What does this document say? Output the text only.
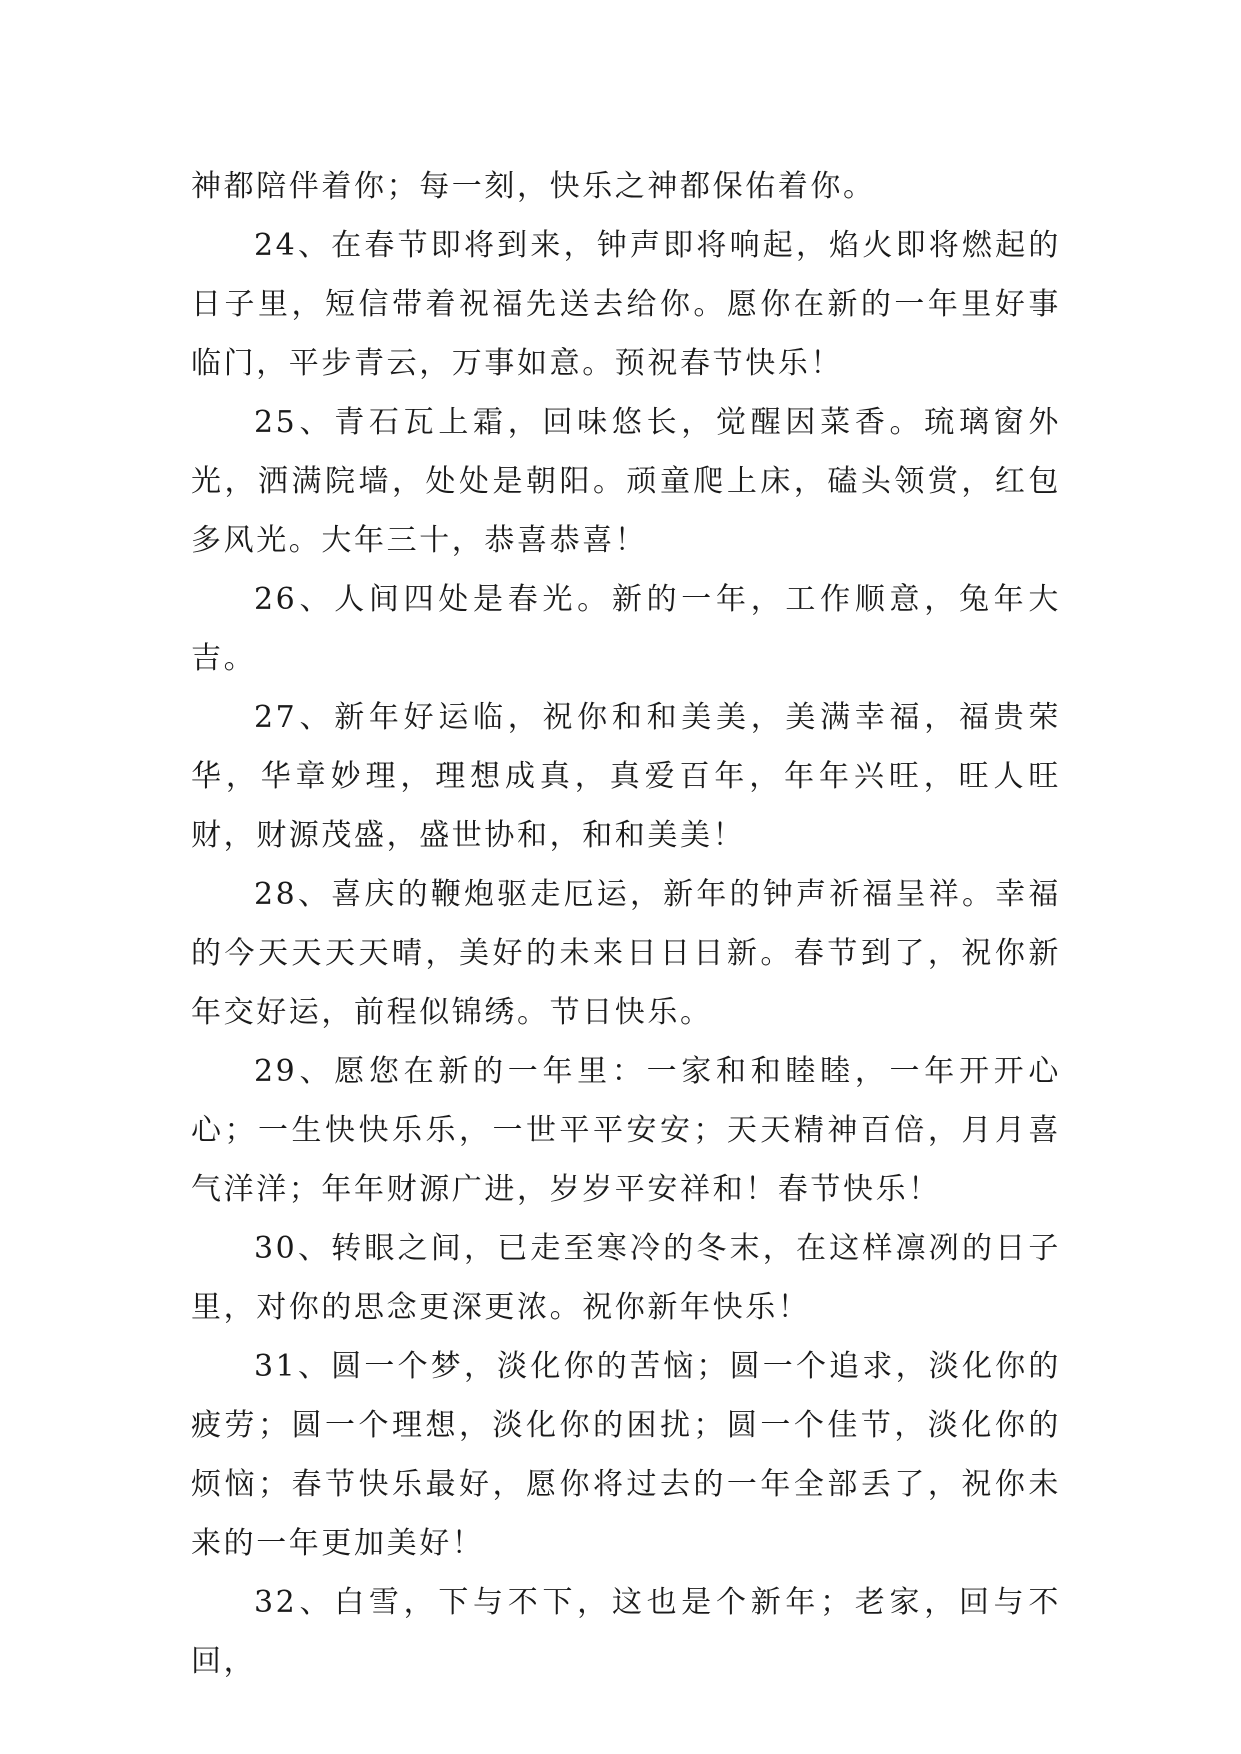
神都陪伴着你；每一刻，快乐之神都保佑着你。

24、在春节即将到来，钟声即将响起，焰火即将燃起的日子里，短信带着祝福先送去给你。愿你在新的一年里好事临门，平步青云，万事如意。预祝春节快乐！

25、青石瓦上霜，回味悠长，觉醒因菜香。琉璃窗外光，洒满院墙，处处是朝阳。顽童爬上床，磕头领赏，红包多风光。大年三十，恭喜恭喜！

26、人间四处是春光。新的一年，工作顺意，兔年大吉。

27、新年好运临，祝你和和美美，美满幸福，福贵荣华，华章妙理，理想成真，真爱百年，年年兴旺，旺人旺财，财源茂盛，盛世协和，和和美美！

28、喜庆的鞭炮驱走厄运，新年的钟声祈福呈祥。幸福的今天天天天晴，美好的未来日日日新。春节到了，祝你新年交好运，前程似锦绣。节日快乐。

29、愿您在新的一年里：一家和和睦睦，一年开开心心；一生快快乐乐，一世平平安安；天天精神百倍，月月喜气洋洋；年年财源广进，岁岁平安祥和！春节快乐！

30、转眼之间，已走至寒冷的冬末，在这样凛冽的日子里，对你的思念更深更浓。祝你新年快乐！

31、圆一个梦，淡化你的苦恼；圆一个追求，淡化你的疲劳；圆一个理想，淡化你的困扰；圆一个佳节，淡化你的烦恼；春节快乐最好，愿你将过去的一年全部丢了，祝你未来的一年更加美好！

32、白雪，下与不下，这也是个新年；老家，回与不回，
